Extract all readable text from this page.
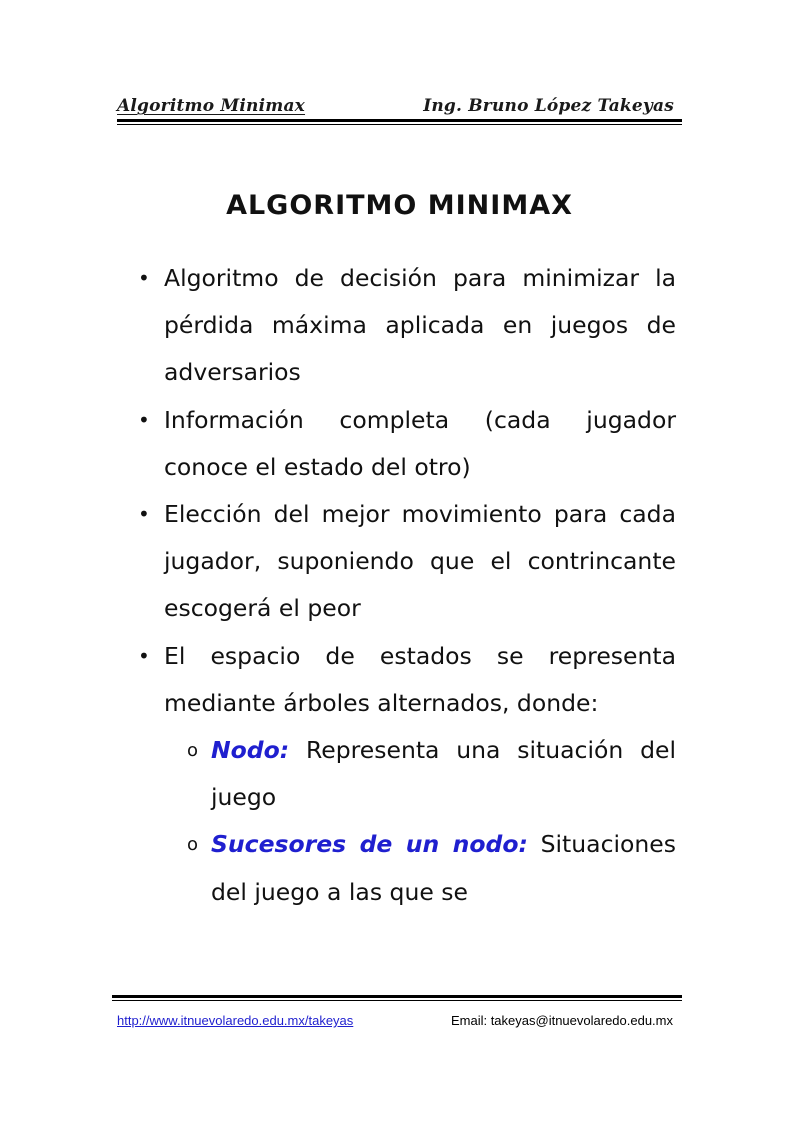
Algoritmo Minimax	Ing. Bruno López Takeyas
ALGORITMO MINIMAX
• Algoritmo de decisión para minimizar la pérdida máxima aplicada en juegos de adversarios
• Información completa (cada jugador conoce el estado del otro)
• Elección del mejor movimiento para cada jugador, suponiendo que el contrincante escogerá el peor
• El espacio de estados se representa mediante árboles alternados, donde:
o Nodo: Representa una situación del juego
o Sucesores de un nodo: Situaciones del juego a las que se
http://www.itnuevolaredo.edu.mx/takeyas	Email: takeyas@itnuevolaredo.edu.mx
